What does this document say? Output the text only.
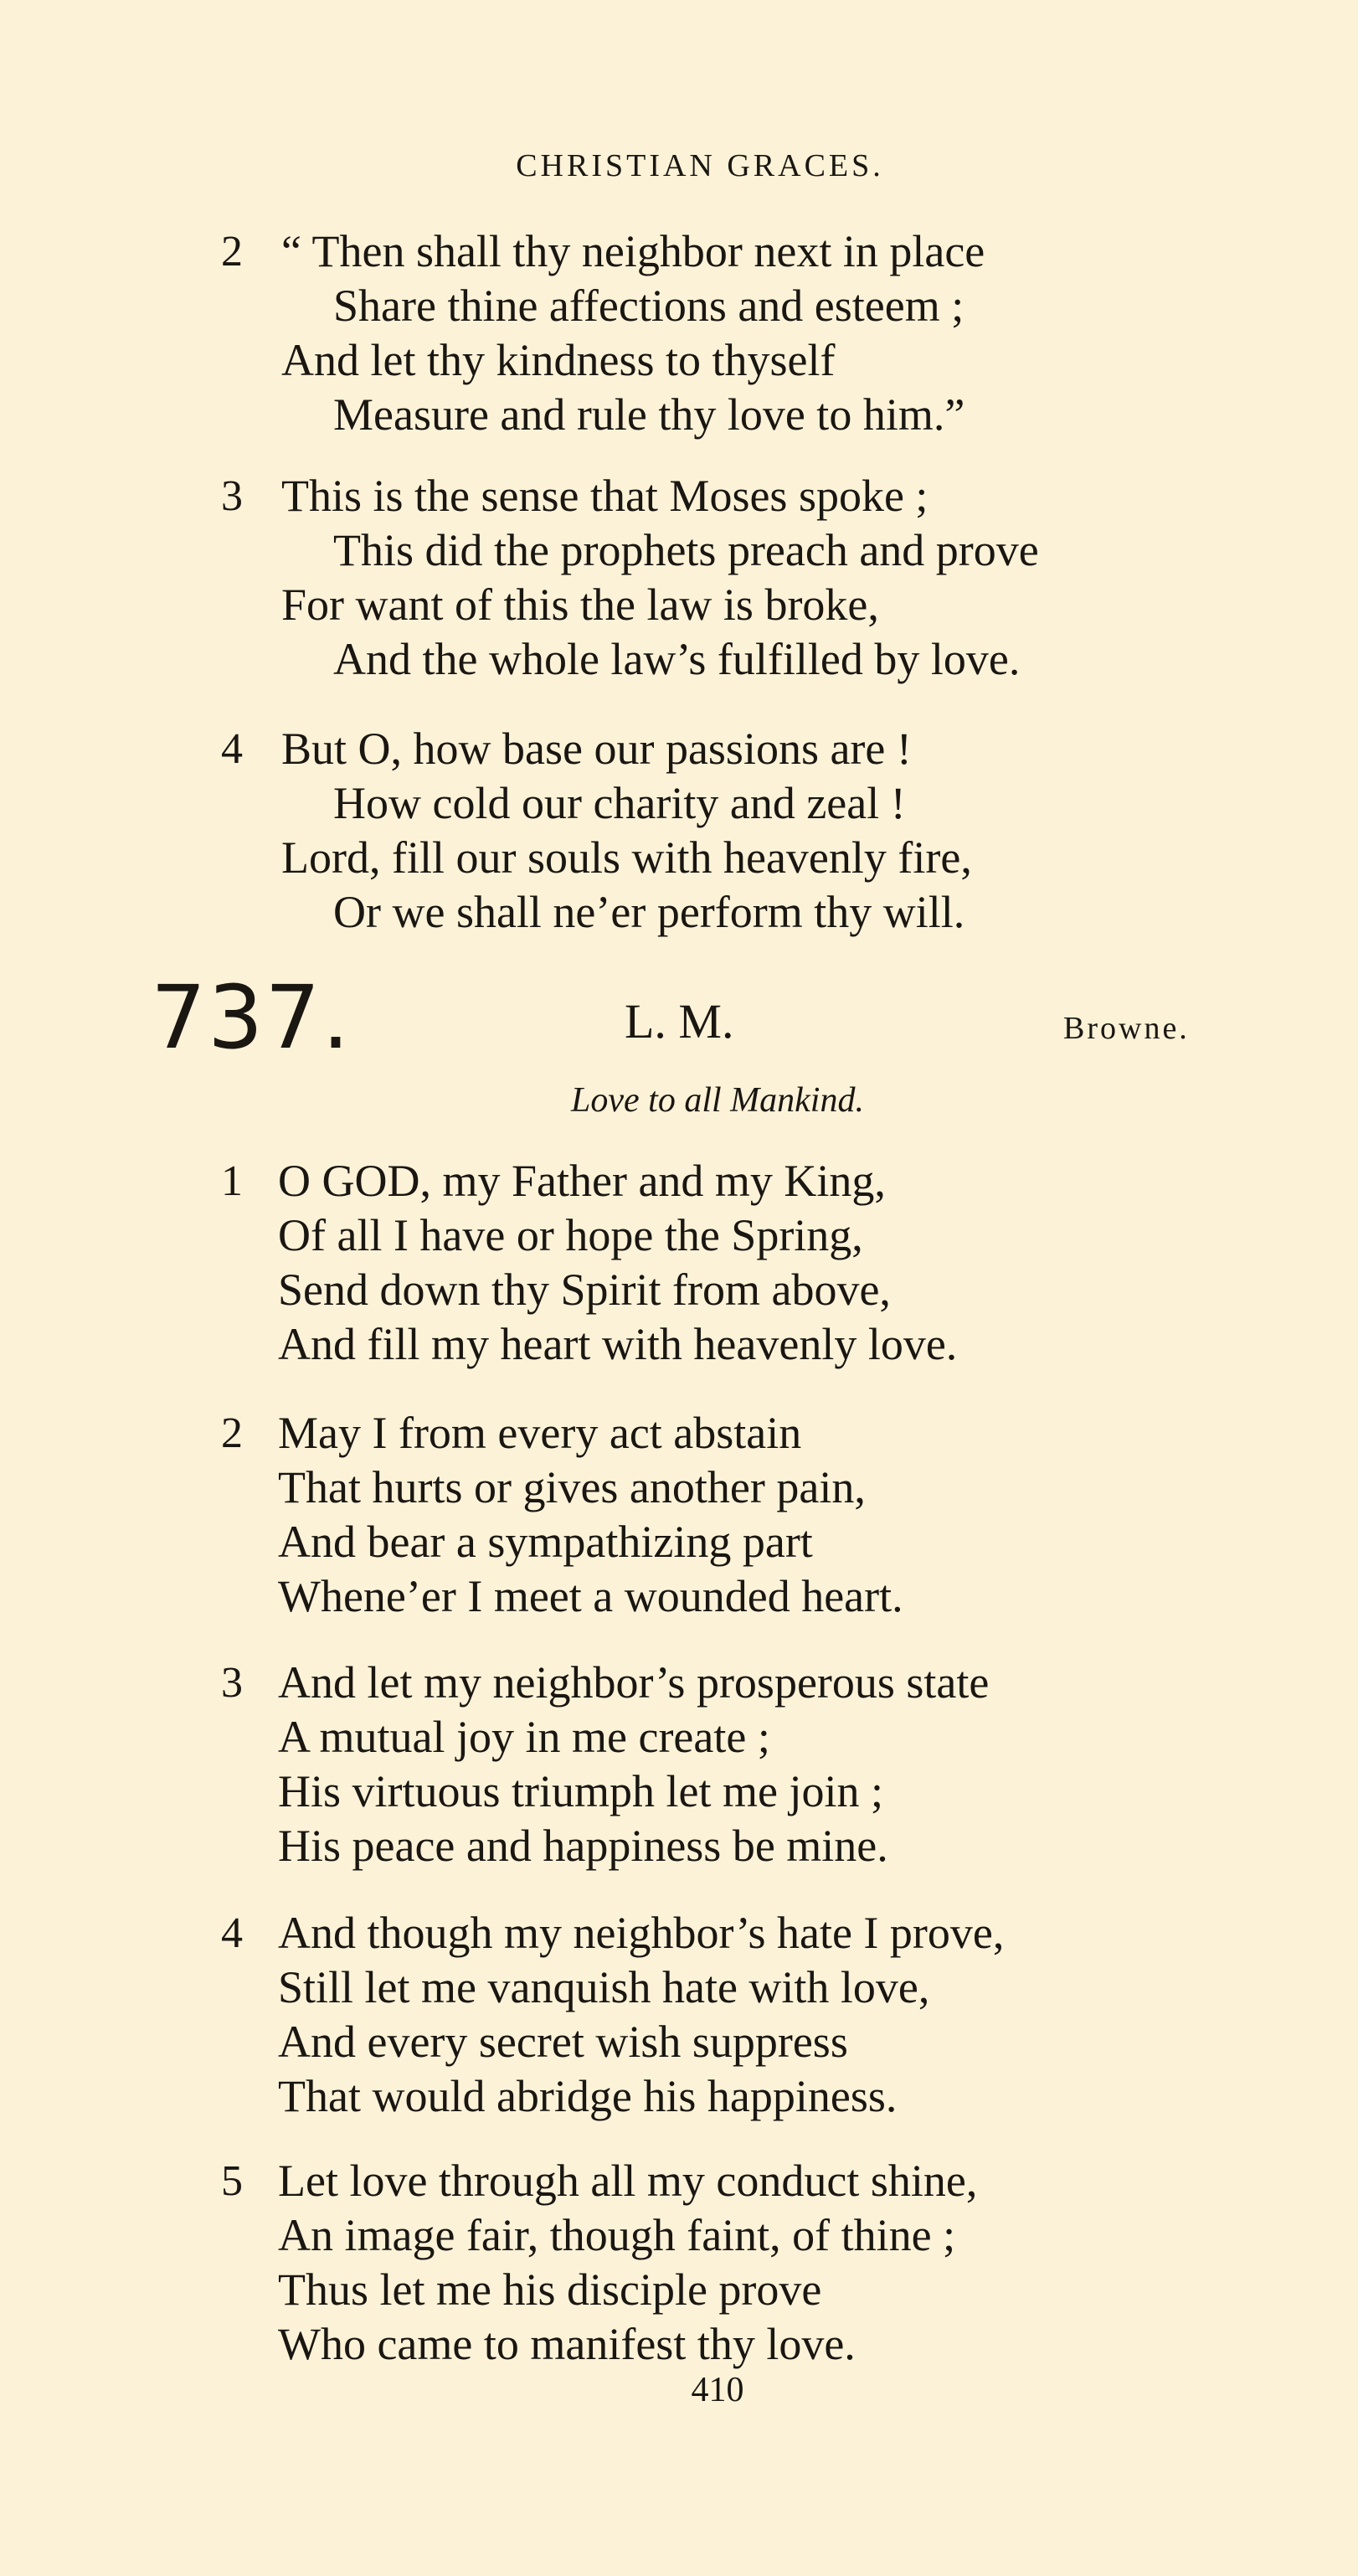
CHRISTIAN GRACES.
2 “ Then shall thy neighbor next in place
Share thine affections and esteem ;
And let thy kindness to thyself
Measure and rule thy love to him.”
3 This is the sense that Moses spoke ;
This did the prophets preach and prove
For want of this the law is broke,
And the whole law’s fulfilled by love.
4 But O, how base our passions are !
How cold our charity and zeal !
Lord, fill our souls with heavenly fire,
Or we shall ne’er perform thy will.
737.	L. M.	Browne.
Love to all Mankind.
1 O GOD, my Father and my King,
Of all I have or hope the Spring,
Send down thy Spirit from above,
And fill my heart with heavenly love.
2 May I from every act abstain
That hurts or gives another pain,
And bear a sympathizing part
Whene’er I meet a wounded heart.
3 And let my neighbor’s prosperous state
A mutual joy in me create ;
His virtuous triumph let me join ;
His peace and happiness be mine.
4 And though my neighbor’s hate I prove,
Still let me vanquish hate with love,
And every secret wish suppress
That would abridge his happiness.
5 Let love through all my conduct shine,
An image fair, though faint, of thine ;
Thus let me his disciple prove
Who came to manifest thy love.
410
